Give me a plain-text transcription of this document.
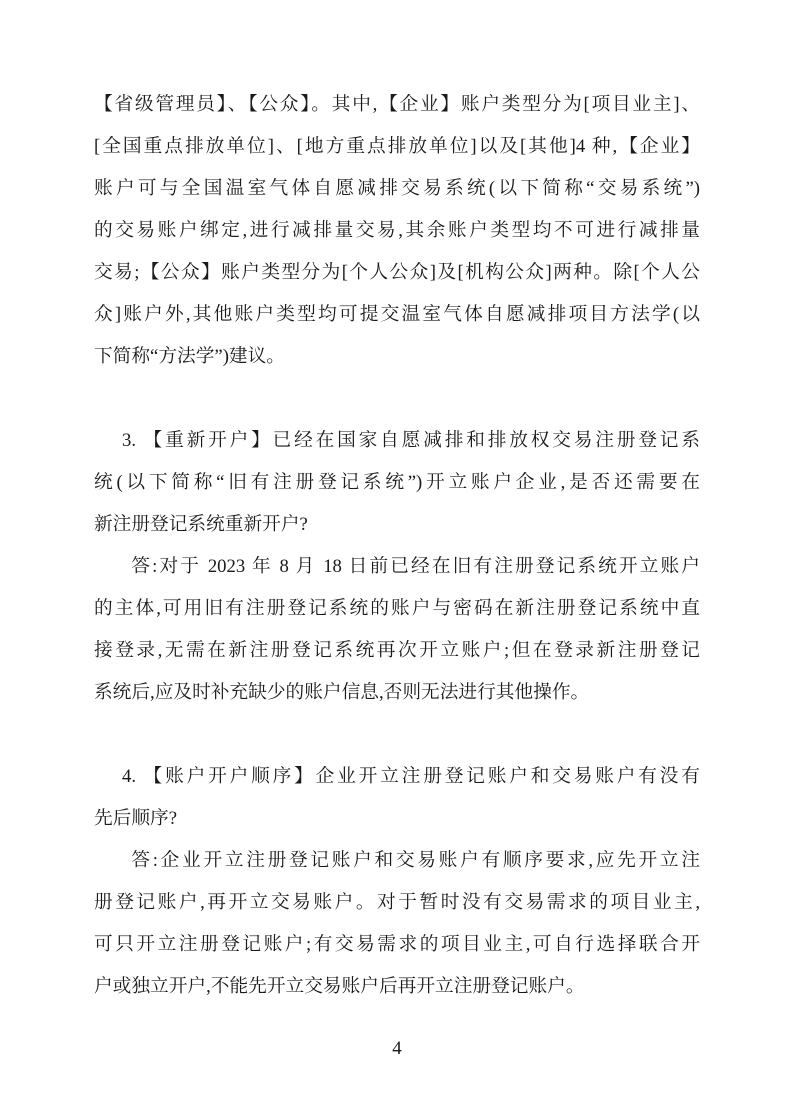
【省级管理员】、【公众】。其中,【企业】账户类型分为[项目业主]、
[全国重点排放单位]、[地方重点排放单位]以及[其他]4 种,【企业】
账户可与全国温室气体自愿减排交易系统(以下简称“交易系统”)
的交易账户绑定,进行减排量交易,其余账户类型均不可进行减排量
交易;【公众】账户类型分为[个人公众]及[机构公众]两种。除[个人公
众]账户外,其他账户类型均可提交温室气体自愿减排项目方法学(以
下简称“方法学”)建议。
3. 【重新开户】已经在国家自愿减排和排放权交易注册登记系
统(以下简称“旧有注册登记系统”)开立账户企业,是否还需要在
新注册登记系统重新开户?
答:对于 2023 年 8 月 18 日前已经在旧有注册登记系统开立账户
的主体,可用旧有注册登记系统的账户与密码在新注册登记系统中直
接登录,无需在新注册登记系统再次开立账户;但在登录新注册登记
系统后,应及时补充缺少的账户信息,否则无法进行其他操作。
4. 【账户开户顺序】企业开立注册登记账户和交易账户有没有
先后顺序?
答:企业开立注册登记账户和交易账户有顺序要求,应先开立注
册登记账户,再开立交易账户。对于暂时没有交易需求的项目业主,
可只开立注册登记账户;有交易需求的项目业主,可自行选择联合开
户或独立开户,不能先开立交易账户后再开立注册登记账户。
4
